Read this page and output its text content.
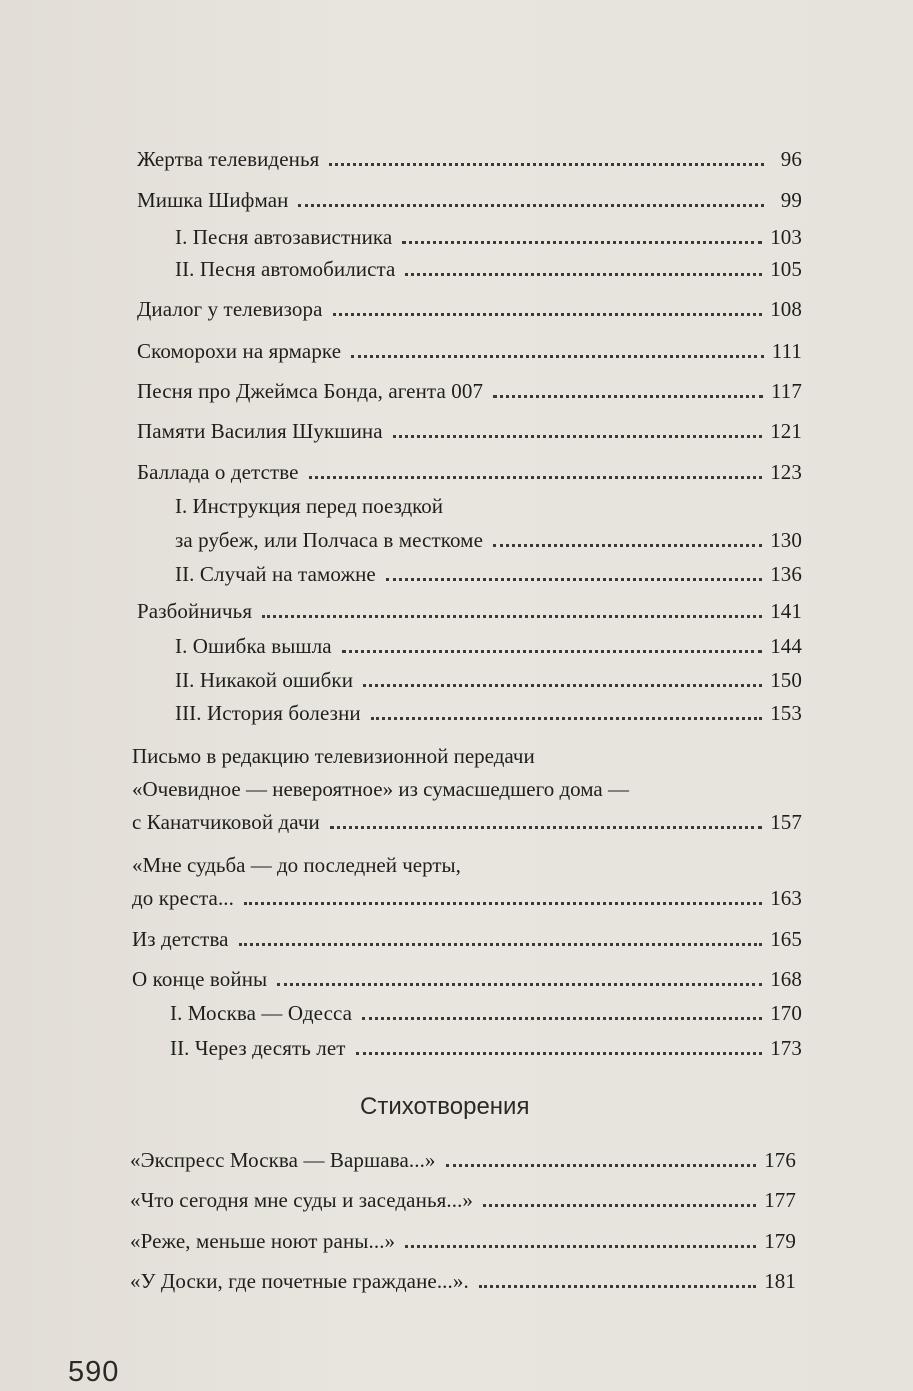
Жертва телевиденья	96
Мишка Шифман	99
I. Песня автозавистника	103
II. Песня автомобилиста	105
Диалог у телевизора	108
Скоморохи на ярмарке	111
Песня про Джеймса Бонда, агента 007	117
Памяти Василия Шукшина	121
Баллада о детстве	123
I. Инструкция перед поездкой
за рубеж, или Полчаса в месткоме	130
II. Случай на таможне	136
Разбойничья	141
I. Ошибка вышла	144
II. Никакой ошибки	150
III. История болезни	153
Письмо в редакцию телевизионной передачи
«Очевидное — невероятное» из сумасшедшего дома —
с Канатчиковой дачи	157
«Мне судьба — до последней черты,
до креста...	163
Из детства	165
О конце войны	168
I. Москва — Одесса	170
II. Через десять лет	173
Стихотворения
«Экспресс Москва — Варшава...»	176
«Что сегодня мне суды и заседанья...»	177
«Реже, меньше ноют раны...»	179
«У Доски, где почетные граждане...».	181
590
